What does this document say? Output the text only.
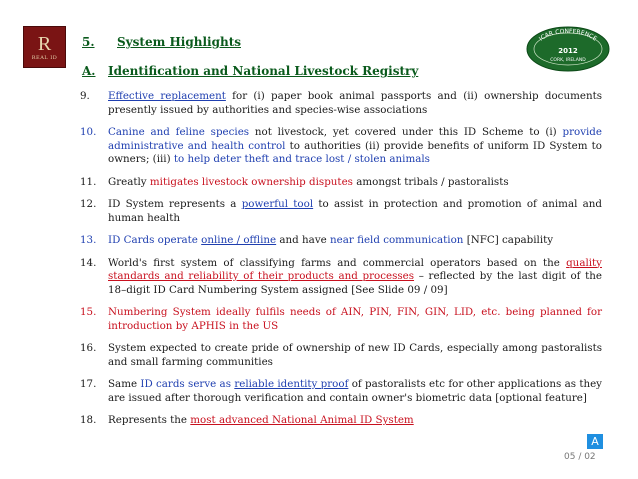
R
REAL ID
ICAR CONFERENCE
2012
CORK, IRELAND
5. System Highlights
A. Identification and National Livestock Registry
9.	Effective replacement for (i) paper book animal passports and (ii) ownership documents presently issued by authorities and species-wise associations
10.	Canine and feline species not livestock, yet covered under this ID Scheme to (i) provide administrative and health control to authorities (ii) provide benefits of uniform ID System to owners; (iii) to help deter theft and trace lost / stolen animals
11.	Greatly mitigates livestock ownership disputes amongst tribals / pastoralists
12.	ID System represents a powerful tool to assist in protection and promotion of animal and human health
13.	ID Cards operate online / offline and have near field communication [NFC] capability
14.	World's first system of classifying farms and commercial operators based on the quality standards and reliability of their products and processes – reflected by the last digit of the 18–digit ID Card Numbering System assigned [See Slide 09 / 09]
15.	Numbering System ideally fulfils needs of AIN, PIN, FIN, GIN, LID, etc. being planned for introduction by APHIS in the US
16.	System expected to create pride of ownership of new ID Cards, especially among pastoralists and small farming communities
17.	Same ID cards serve as reliable identity proof of pastoralists etc for other applications as they are issued after thorough verification and contain owner's biometric data [optional feature]
18.	Represents the most advanced National Animal ID System
A
05 / 02
